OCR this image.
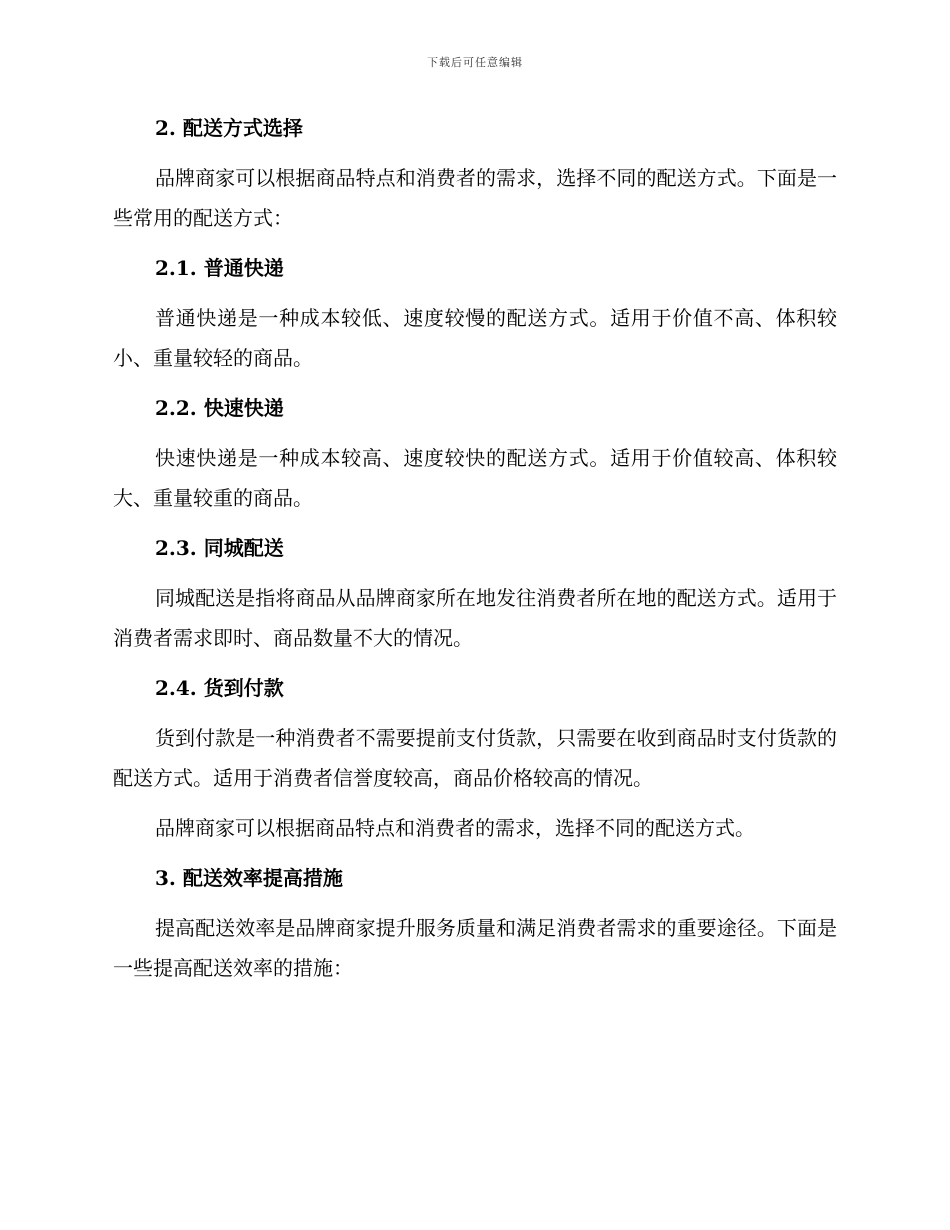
下载后可任意编辑
2. 配送方式选择

品牌商家可以根据商品特点和消费者的需求，选择不同的配送方式。下面是一些常用的配送方式：

2.1. 普通快递

普通快递是一种成本较低、速度较慢的配送方式。适用于价值不高、体积较小、重量较轻的商品。

2.2. 快速快递

快速快递是一种成本较高、速度较快的配送方式。适用于价值较高、体积较大、重量较重的商品。

2.3. 同城配送

同城配送是指将商品从品牌商家所在地发往消费者所在地的配送方式。适用于消费者需求即时、商品数量不大的情况。

2.4. 货到付款

货到付款是一种消费者不需要提前支付货款，只需要在收到商品时支付货款的配送方式。适用于消费者信誉度较高，商品价格较高的情况。

品牌商家可以根据商品特点和消费者的需求，选择不同的配送方式。

3. 配送效率提高措施

提高配送效率是品牌商家提升服务质量和满足消费者需求的重要途径。下面是一些提高配送效率的措施：
